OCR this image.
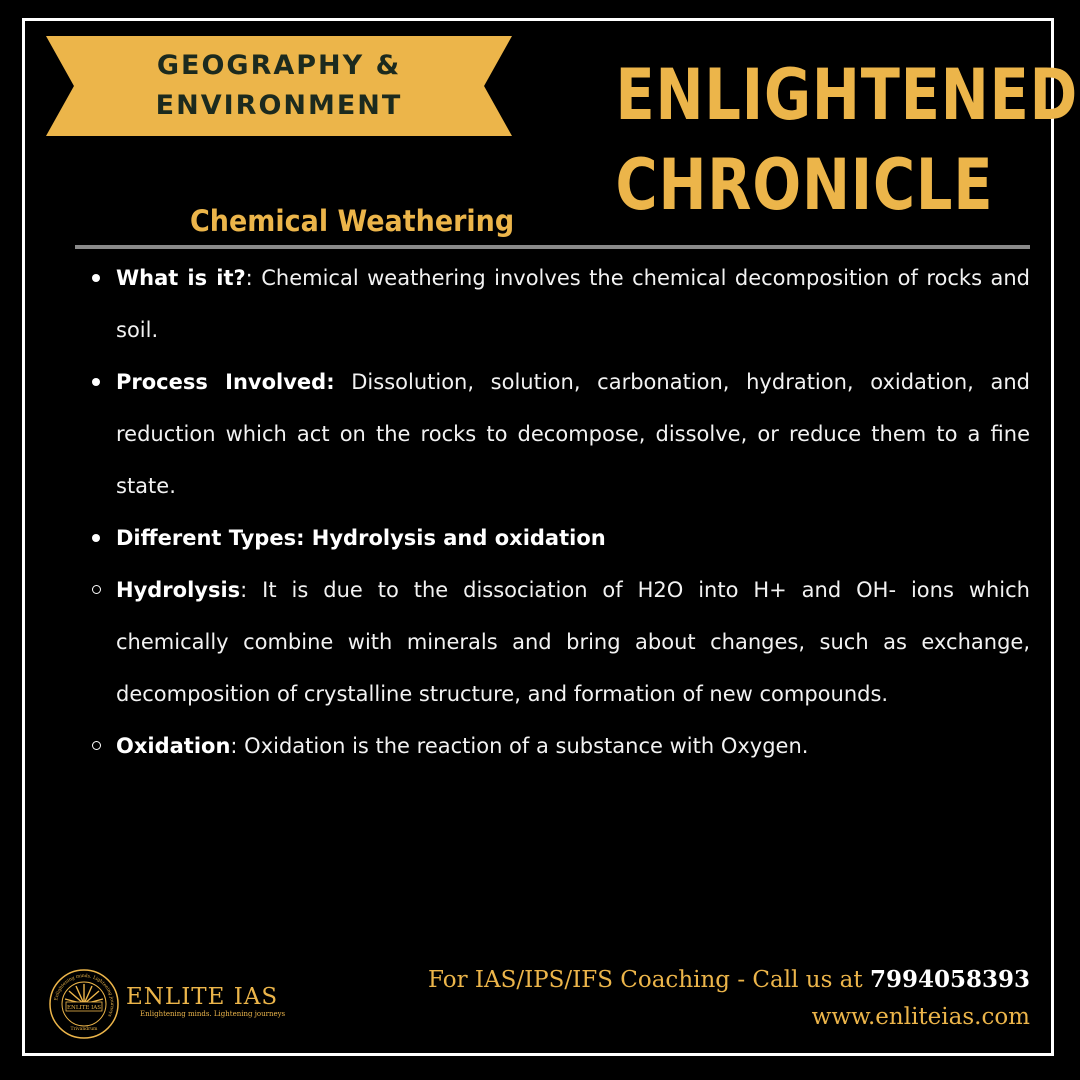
GEOGRAPHY &
ENVIRONMENT	ENLIGHTENED
CHRONICLE
Chemical Weathering
What is it?: Chemical weathering involves the chemical decomposition of rocks and soil.
Process Involved: Dissolution, solution, carbonation, hydration, oxidation, and reduction which act on the rocks to decompose, dissolve, or reduce them to a fine state.
Different Types: Hydrolysis and oxidation
Hydrolysis: It is due to the dissociation of H2O into H+ and OH- ions which chemically combine with minerals and bring about changes, such as exchange, decomposition of crystalline structure, and formation of new compounds.
Oxidation: Oxidation is the reaction of a substance with Oxygen.
ENLITE IAS
Enlightening minds. Lightening journeys
Trivandrum
ENLITE IAS
Enlightening minds. Lightening journeys
For IAS/IPS/IFS Coaching - Call us at 7994058393
www.enliteias.com
